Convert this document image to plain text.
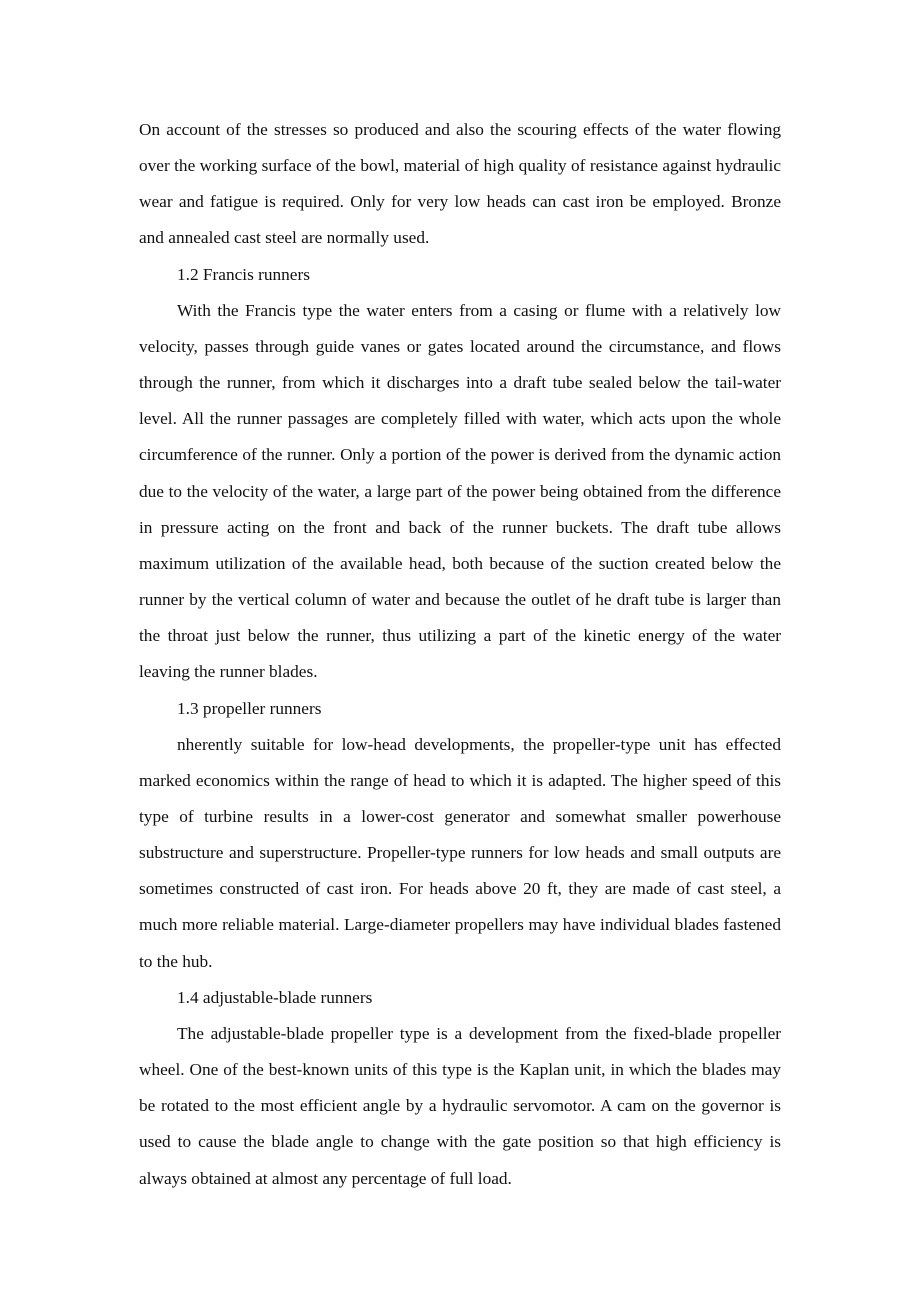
On account of the stresses so produced and also the scouring effects of the water flowing over the working surface of the bowl, material of high quality of resistance against hydraulic wear and fatigue is required. Only for very low heads can cast iron be employed. Bronze and annealed cast steel are normally used.

1.2 Francis runners

With the Francis type the water enters from a casing or flume with a relatively low velocity, passes through guide vanes or gates located around the circumstance, and flows through the runner, from which it discharges into a draft tube sealed below the tail-water level. All the runner passages are completely filled with water, which acts upon the whole circumference of the runner. Only a portion of the power is derived from the dynamic action due to the velocity of the water, a large part of the power being obtained from the difference in pressure acting on the front and back of the runner buckets. The draft tube allows maximum utilization of the available head, both because of the suction created below the runner by the vertical column of water and because the outlet of he draft tube is larger than the throat just below the runner, thus utilizing a part of the kinetic energy of the water leaving the runner blades.

1.3 propeller runners

nherently suitable for low-head developments, the propeller-type unit has effected marked economics within the range of head to which it is adapted. The higher speed of this type of turbine results in a lower-cost generator and somewhat smaller powerhouse substructure and superstructure. Propeller-type runners for low heads and small outputs are sometimes constructed of cast iron. For heads above 20 ft, they are made of cast steel, a much more reliable material. Large-diameter propellers may have individual blades fastened to the hub.

1.4 adjustable-blade runners

The adjustable-blade propeller type is a development from the fixed-blade propeller wheel. One of the best-known units of this type is the Kaplan unit, in which the blades may be rotated to the most efficient angle by a hydraulic servomotor. A cam on the governor is used to cause the blade angle to change with the gate position so that high efficiency is always obtained at almost any percentage of full load.
